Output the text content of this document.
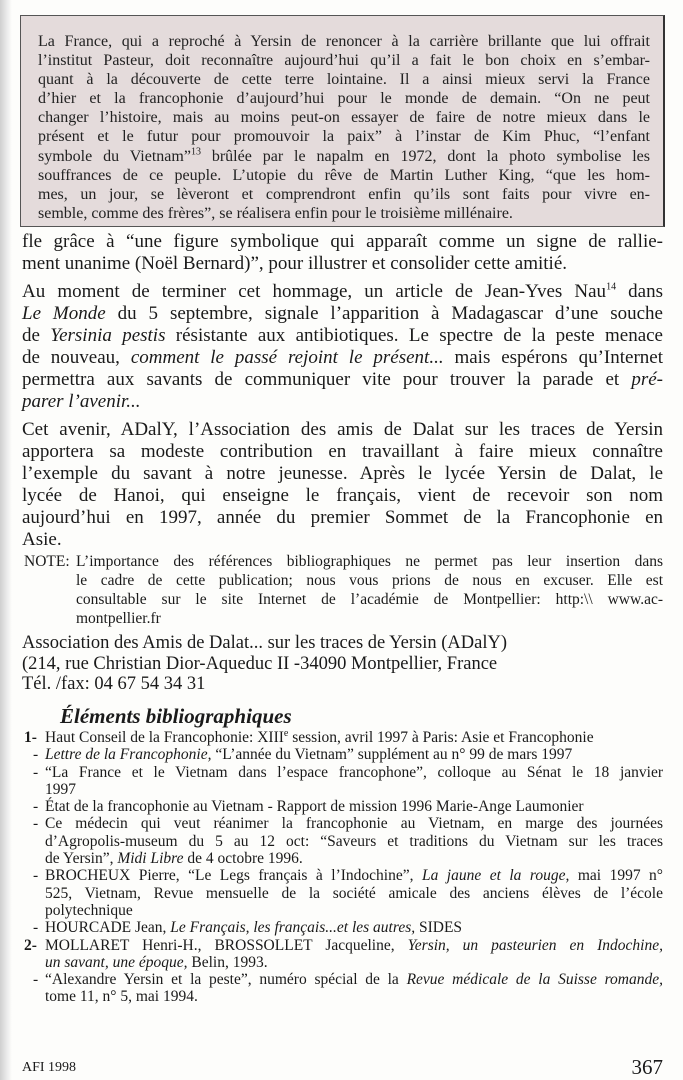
La France, qui a reproché à Yersin de renoncer à la carrière brillante que lui offrait
l’institut Pasteur, doit reconnaître aujourd’hui qu’il a fait le bon choix en s’embar-
quant à la découverte de cette terre lointaine. Il a ainsi mieux servi la France
d’hier et la francophonie d’aujourd’hui pour le monde de demain. “On ne peut
changer l’histoire, mais au moins peut-on essayer de faire de notre mieux dans le
présent et le futur pour promouvoir la paix” à l’instar de Kim Phuc, “l’enfant
symbole du Vietnam”$^{13}$ brûlée par le napalm en 1972, dont la photo symbolise les
souffrances de ce peuple. L’utopie du rêve de Martin Luther King, “que les hom-
mes, un jour, se lèveront et comprendront enfin qu’ils sont faits pour vivre en-
semble, comme des frères”, se réalisera enfin pour le troisième millénaire.
fle grâce à “une figure symbolique qui apparaît comme un signe de rallie-
ment unanime (Noël Bernard)”, pour illustrer et consolider cette amitié.
Au moment de terminer cet hommage, un article de Jean-Yves Nau$^{14}$ dans
Le Monde du 5 septembre, signale l’apparition à Madagascar d’une souche
de Yersinia pestis résistante aux antibiotiques. Le spectre de la peste menace
de nouveau, comment le passé rejoint le présent... mais espérons qu’Internet
permettra aux savants de communiquer vite pour trouver la parade et pré-
parer l’avenir...
Cet avenir, ADalY, l’Association des amis de Dalat sur les traces de Yersin
apportera sa modeste contribution en travaillant à faire mieux connaître
l’exemple du savant à notre jeunesse. Après le lycée Yersin de Dalat, le
lycée de Hanoi, qui enseigne le français, vient de recevoir son nom
aujourd’hui en 1997, année du premier Sommet de la Francophonie en
Asie.
NOTE: L’importance des références bibliographiques ne permet pas leur insertion dans
le cadre de cette publication; nous vous prions de nous en excuser. Elle est
consultable sur le site Internet de l’académie de Montpellier: http:\\ www.ac-
montpellier.fr
Association des Amis de Dalat... sur les traces de Yersin (ADalY)
(214, rue Christian Dior-Aqueduc II -34090 Montpellier, France
Tél. /fax: 04 67 54 34 31
Éléments bibliographiques
1- Haut Conseil de la Francophonie: XIIIe session, avril 1997 à Paris: Asie et Francophonie
- Lettre de la Francophonie, “L’année du Vietnam” supplément au n° 99 de mars 1997
- “La France et le Vietnam dans l’espace francophone”, colloque au Sénat le 18 janvier
1997
- État de la francophonie au Vietnam - Rapport de mission 1996 Marie-Ange Laumonier
- Ce médecin qui veut réanimer la francophonie au Vietnam, en marge des journées
d’Agropolis-museum du 5 au 12 oct: “Saveurs et traditions du Vietnam sur les traces
de Yersin”, Midi Libre de 4 octobre 1996.
- BROCHEUX Pierre, “Le Legs français à l’Indochine”, La jaune et la rouge, mai 1997 n°
525, Vietnam, Revue mensuelle de la société amicale des anciens élèves de l’école
polytechnique
- HOURCADE Jean, Le Français, les français...et les autres, SIDES
2- MOLLARET Henri-H., BROSSOLLET Jacqueline, Yersin, un pasteurien en Indochine,
un savant, une époque, Belin, 1993.
- “Alexandre Yersin et la peste”, numéro spécial de la Revue médicale de la Suisse romande,
tome 11, n° 5, mai 1994.
AFI 1998	367
